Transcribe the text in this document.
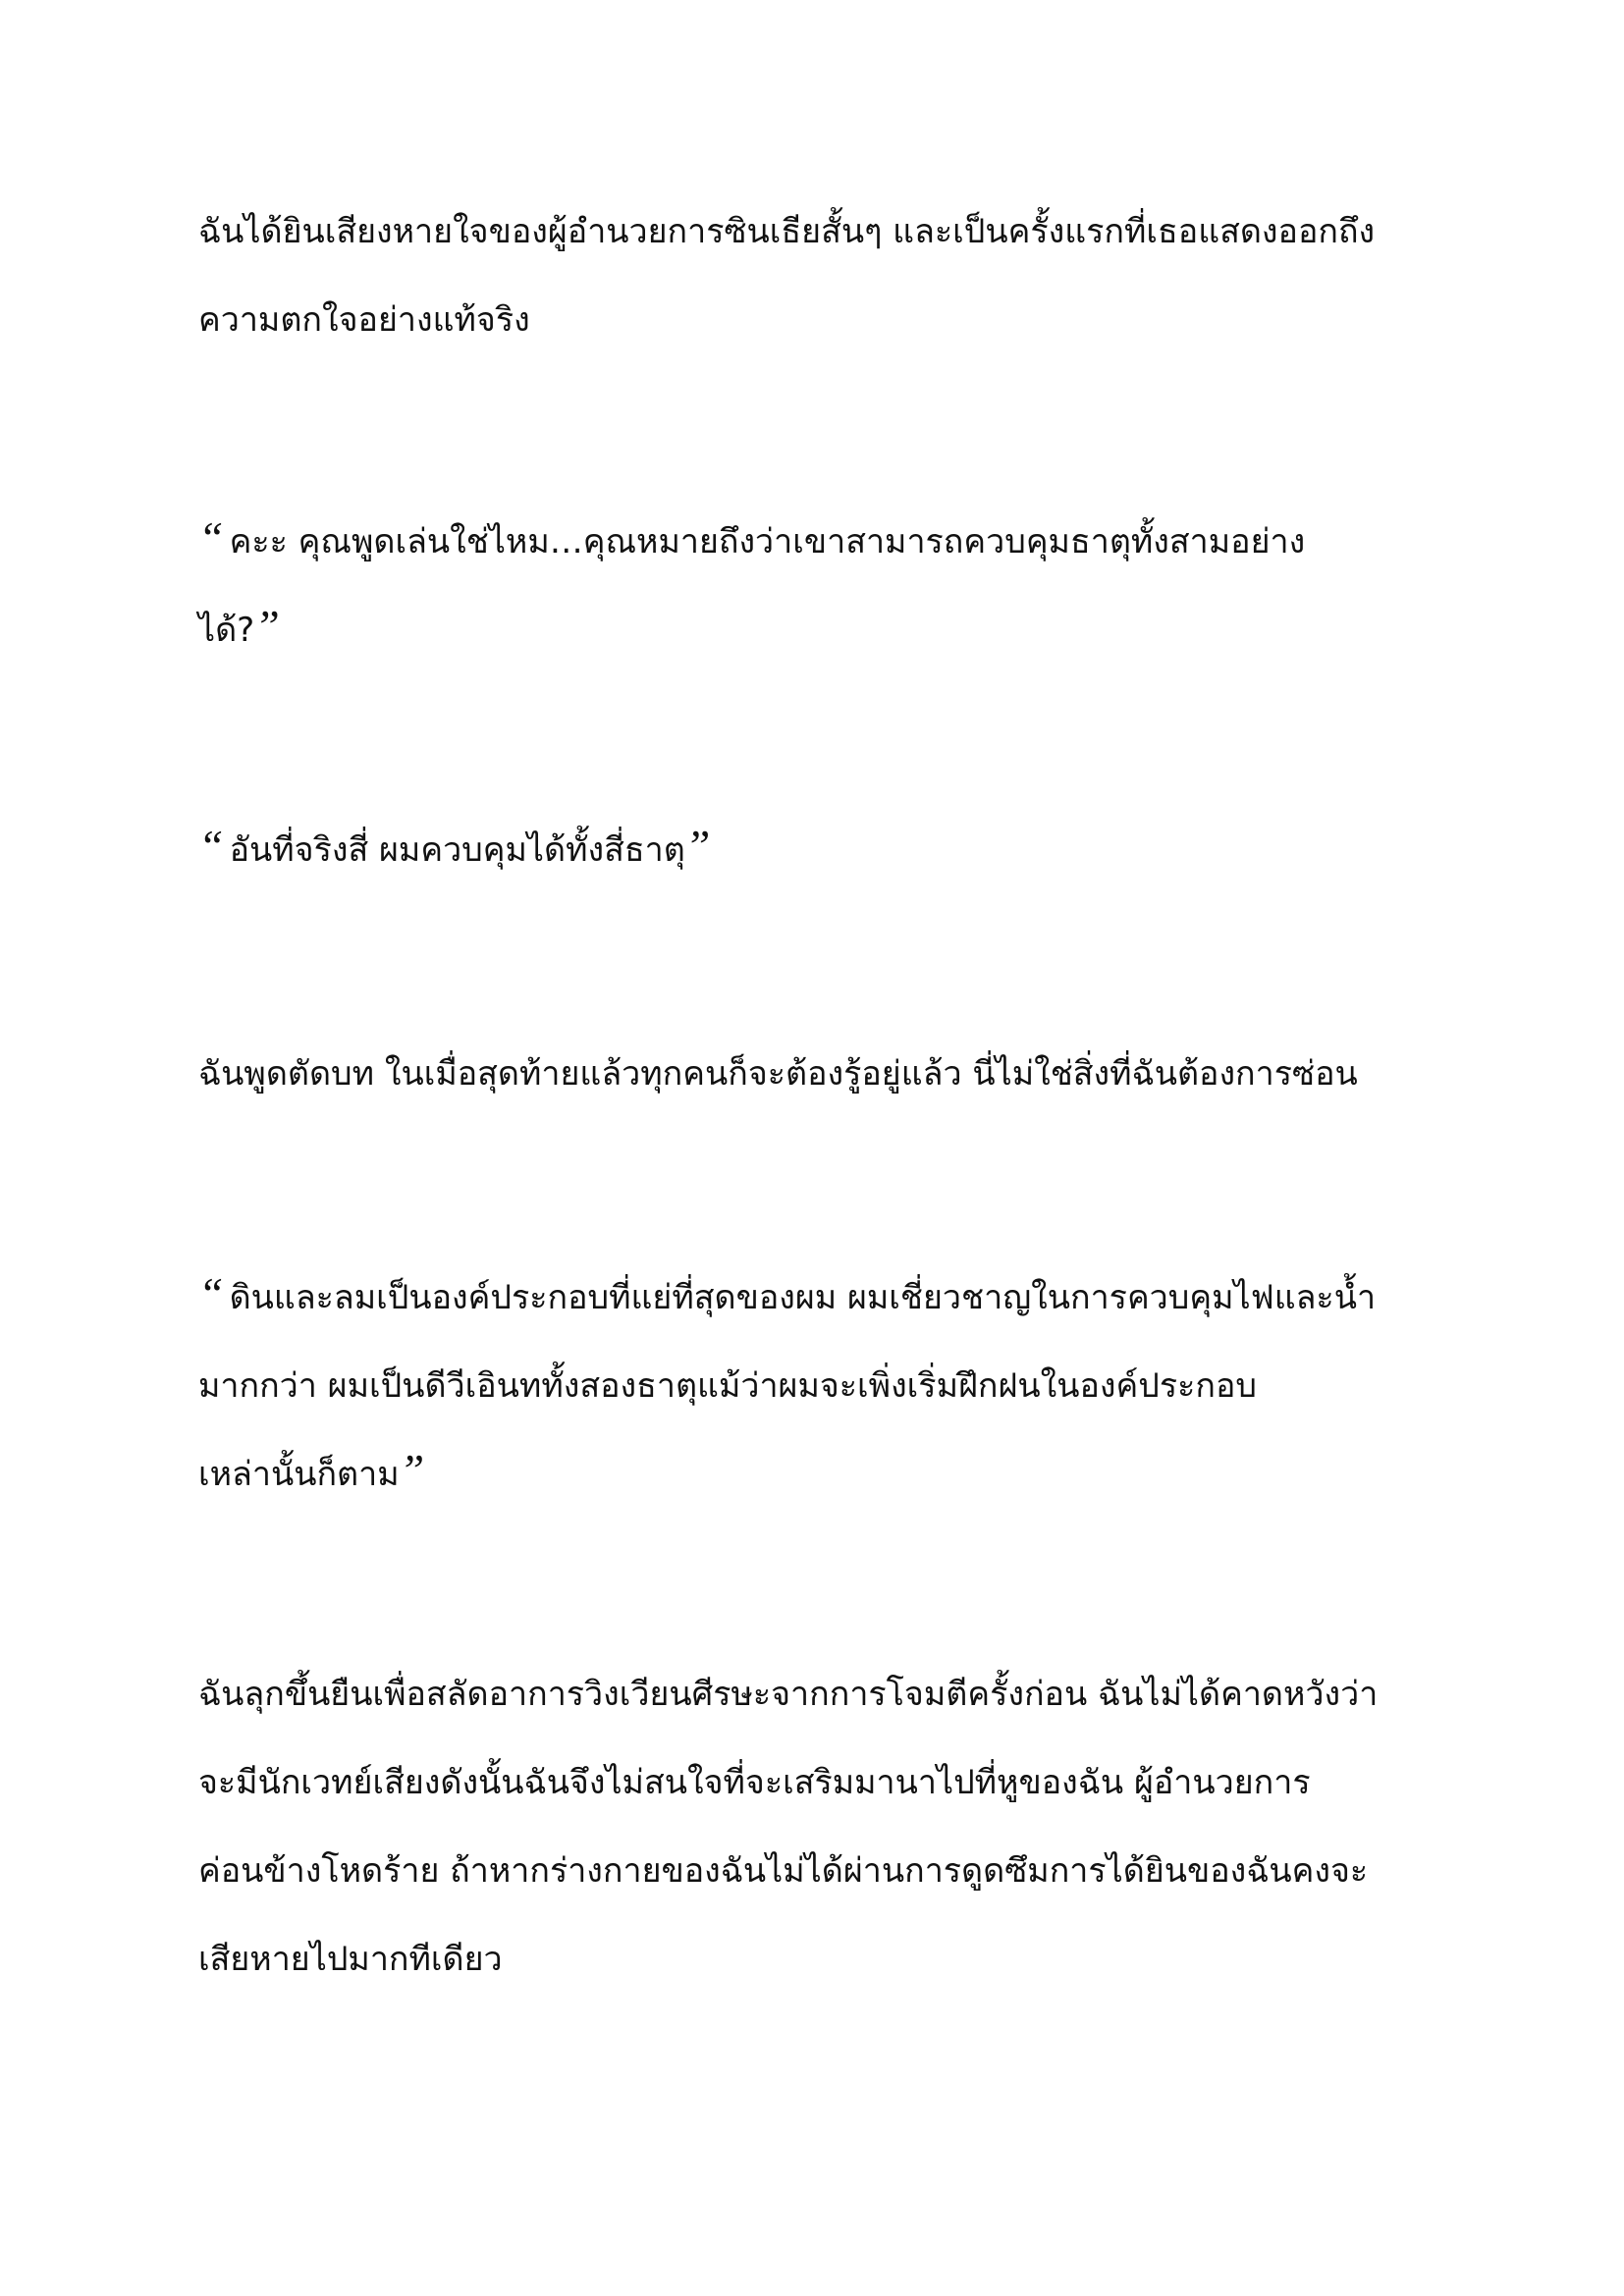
ฉันได้ยินเสียงหายใจของผู้อำนวยการซินเธียสั้นๆ และเป็นครั้งแรกที่เธอแสดงออกถึง

ความตกใจอย่างแท้จริง

“ คะะ คุณพูดเล่นใช่ไหม…คุณหมายถึงว่าเขาสามารถควบคุมธาตุทั้งสามอย่าง

ได้?”

“ อันที่จริงสี่ ผมควบคุมได้ทั้งสี่ธาตุ”

ฉันพูดตัดบท ในเมื่อสุดท้ายแล้วทุกคนก็จะต้องรู้อยู่แล้ว นี่ไม่ใช่สิ่งที่ฉันต้องการซ่อน

“ ดินและลมเป็นองค์ประกอบที่แย่ที่สุดของผม ผมเชี่ยวชาญในการควบคุมไฟและน้ำ

มากกว่า ผมเป็นดีวีเอินททั้งสองธาตุแม้ว่าผมจะเพิ่งเริ่มฝึกฝนในองค์ประกอบ

เหล่านั้นก็ตาม”

ฉันลุกขึ้นยืนเพื่อสลัดอาการวิงเวียนศีรษะจากการโจมตีครั้งก่อน ฉันไม่ได้คาดหวังว่า

จะมีนักเวทย์เสียงดังนั้นฉันจึงไม่สนใจที่จะเสริมมานาไปที่หูของฉัน ผู้อำนวยการ

ค่อนข้างโหดร้าย ถ้าหากร่างกายของฉันไม่ได้ผ่านการดูดซึมการได้ยินของฉันคงจะ

เสียหายไปมากทีเดียว
